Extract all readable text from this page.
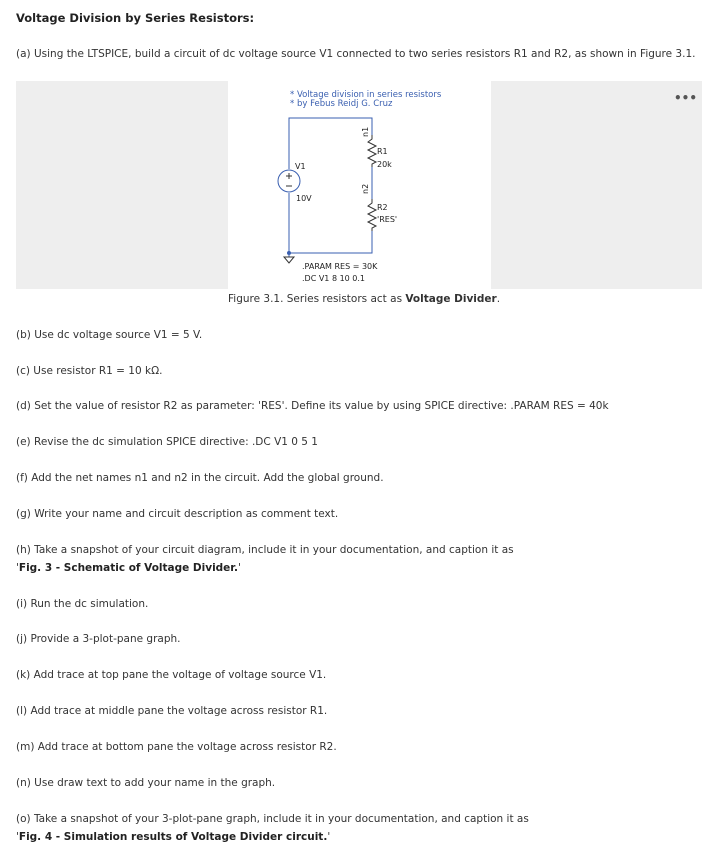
Voltage Division by Series Resistors:
(a) Using the LTSPICE, build a circuit of dc voltage source V1 connected to two series resistors R1 and R2, as shown in Figure 3.1.
* Voltage division in series resistors
* by Febus Reidj G. Cruz
V1
10V
R1
20k
R2
'RES'
n1
n2
.PARAM RES = 30K
.DC V1 8 10 0.1
•••
Figure 3.1. Series resistors act as Voltage Divider.
(b) Use dc voltage source V1 = 5 V.
(c) Use resistor R1 = 10 kΩ.
(d) Set the value of resistor R2 as parameter: 'RES'. Define its value by using SPICE directive: .PARAM RES = 40k
(e) Revise the dc simulation SPICE directive: .DC V1 0 5 1
(f) Add the net names n1 and n2 in the circuit. Add the global ground.
(g) Write your name and circuit description as comment text.
(h) Take a snapshot of your circuit diagram, include it in your documentation, and caption it as
'Fig. 3 - Schematic of Voltage Divider.'
(i) Run the dc simulation.
(j) Provide a 3-plot-pane graph.
(k) Add trace at top pane the voltage of voltage source V1.
(l) Add trace at middle pane the voltage across resistor R1.
(m) Add trace at bottom pane the voltage across resistor R2.
(n) Use draw text to add your name in the graph.
(o) Take a snapshot of your 3-plot-pane graph, include it in your documentation, and caption it as
'Fig. 4 - Simulation results of Voltage Divider circuit.'
